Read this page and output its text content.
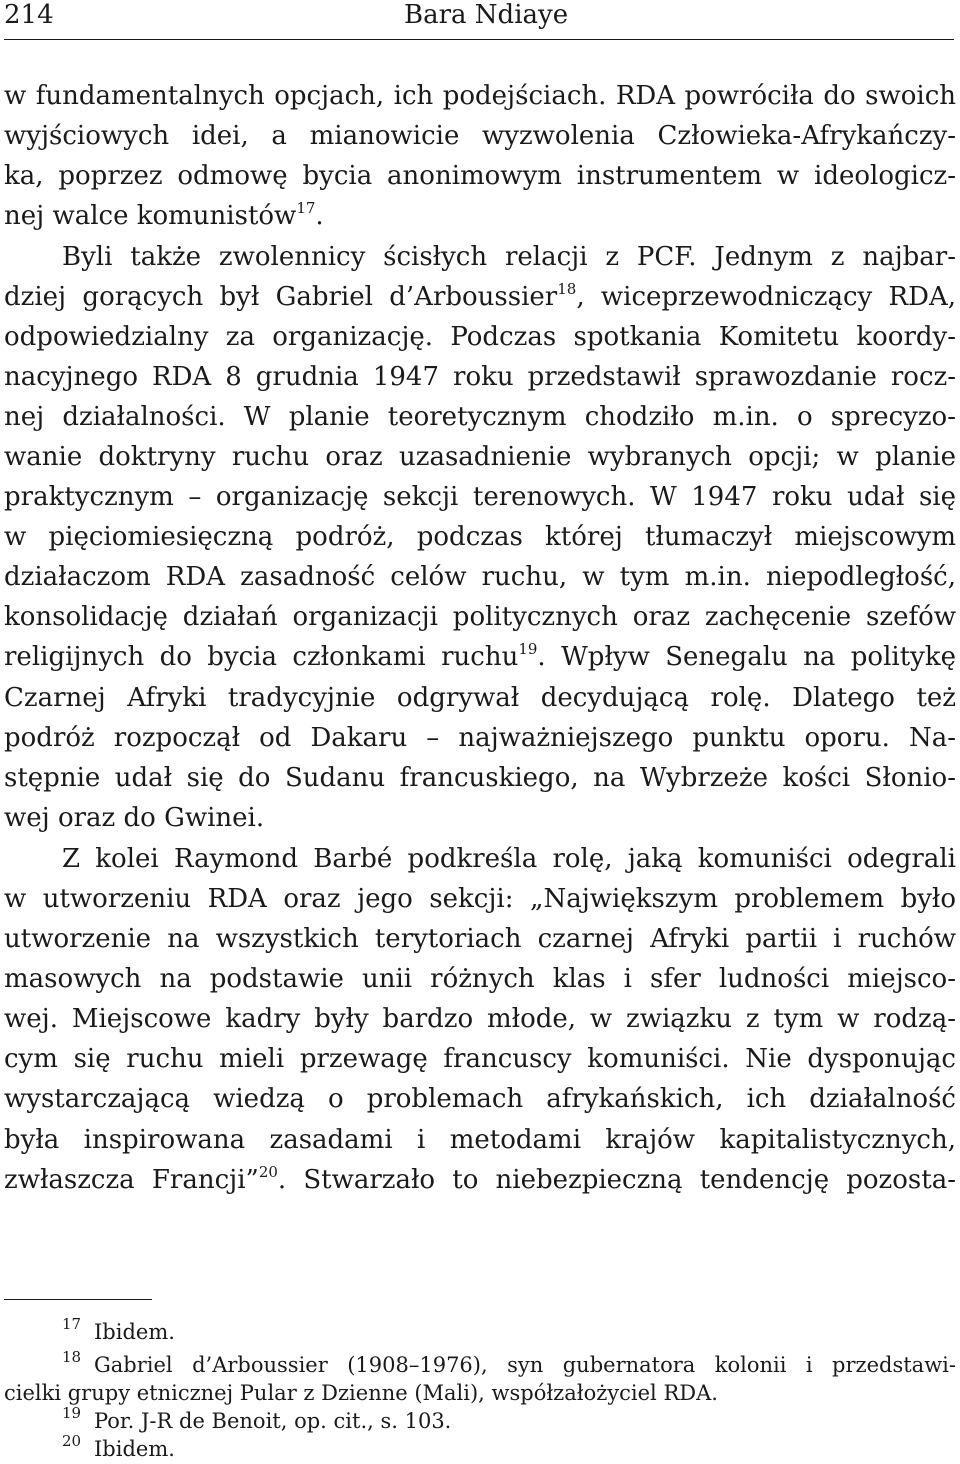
214	Bara Ndiaye
w fundamentalnych opcjach, ich podejściach. RDA powróciła do swoich
wyjściowych idei, a mianowicie wyzwolenia Człowieka-Afrykańczy-
ka, poprzez odmowę bycia anonimowym instrumentem w ideologicz-
nej walce komunistów$^{17}$.
Byli także zwolennicy ścisłych relacji z PCF. Jednym z najbar-
dziej gorących był Gabriel d’Arboussier$^{18}$, wiceprzewodniczący RDA,
odpowiedzialny za organizację. Podczas spotkania Komitetu koordy-
nacyjnego RDA 8 grudnia 1947 roku przedstawił sprawozdanie rocz-
nej działalności. W planie teoretycznym chodziło m.in. o sprecyzo-
wanie doktryny ruchu oraz uzasadnienie wybranych opcji; w planie
praktycznym – organizację sekcji terenowych. W 1947 roku udał się
w pięciomiesięczną podróż, podczas której tłumaczył miejscowym
działaczom RDA zasadność celów ruchu, w tym m.in. niepodległość,
konsolidację działań organizacji politycznych oraz zachęcenie szefów
religijnych do bycia członkami ruchu$^{19}$. Wpływ Senegalu na politykę
Czarnej Afryki tradycyjnie odgrywał decydującą rolę. Dlatego też
podróż rozpoczął od Dakaru – najważniejszego punktu oporu. Na-
stępnie udał się do Sudanu francuskiego, na Wybrzeże kości Słonio-
wej oraz do Gwinei.
Z kolei Raymond Barbé podkreśla rolę, jaką komuniści odegrali
w utworzeniu RDA oraz jego sekcji: „Największym problemem było
utworzenie na wszystkich terytoriach czarnej Afryki partii i ruchów
masowych na podstawie unii różnych klas i sfer ludności miejsco-
wej. Miejscowe kadry były bardzo młode, w związku z tym w rodzą-
cym się ruchu mieli przewagę francuscy komuniści. Nie dysponując
wystarczającą wiedzą o problemach afrykańskich, ich działalność
była inspirowana zasadami i metodami krajów kapitalistycznych,
zwłaszcza Francji”$^{20}$. Stwarzało to niebezpieczną tendencję pozosta-
17 Ibidem.
18 Gabriel d’Arboussier (1908–1976), syn gubernatora kolonii i przedstawi-
cielki grupy etnicznej Pular z Dzienne (Mali), współzałożyciel RDA.
19 Por. J-R de Benoit, op. cit., s. 103.
20 Ibidem.
